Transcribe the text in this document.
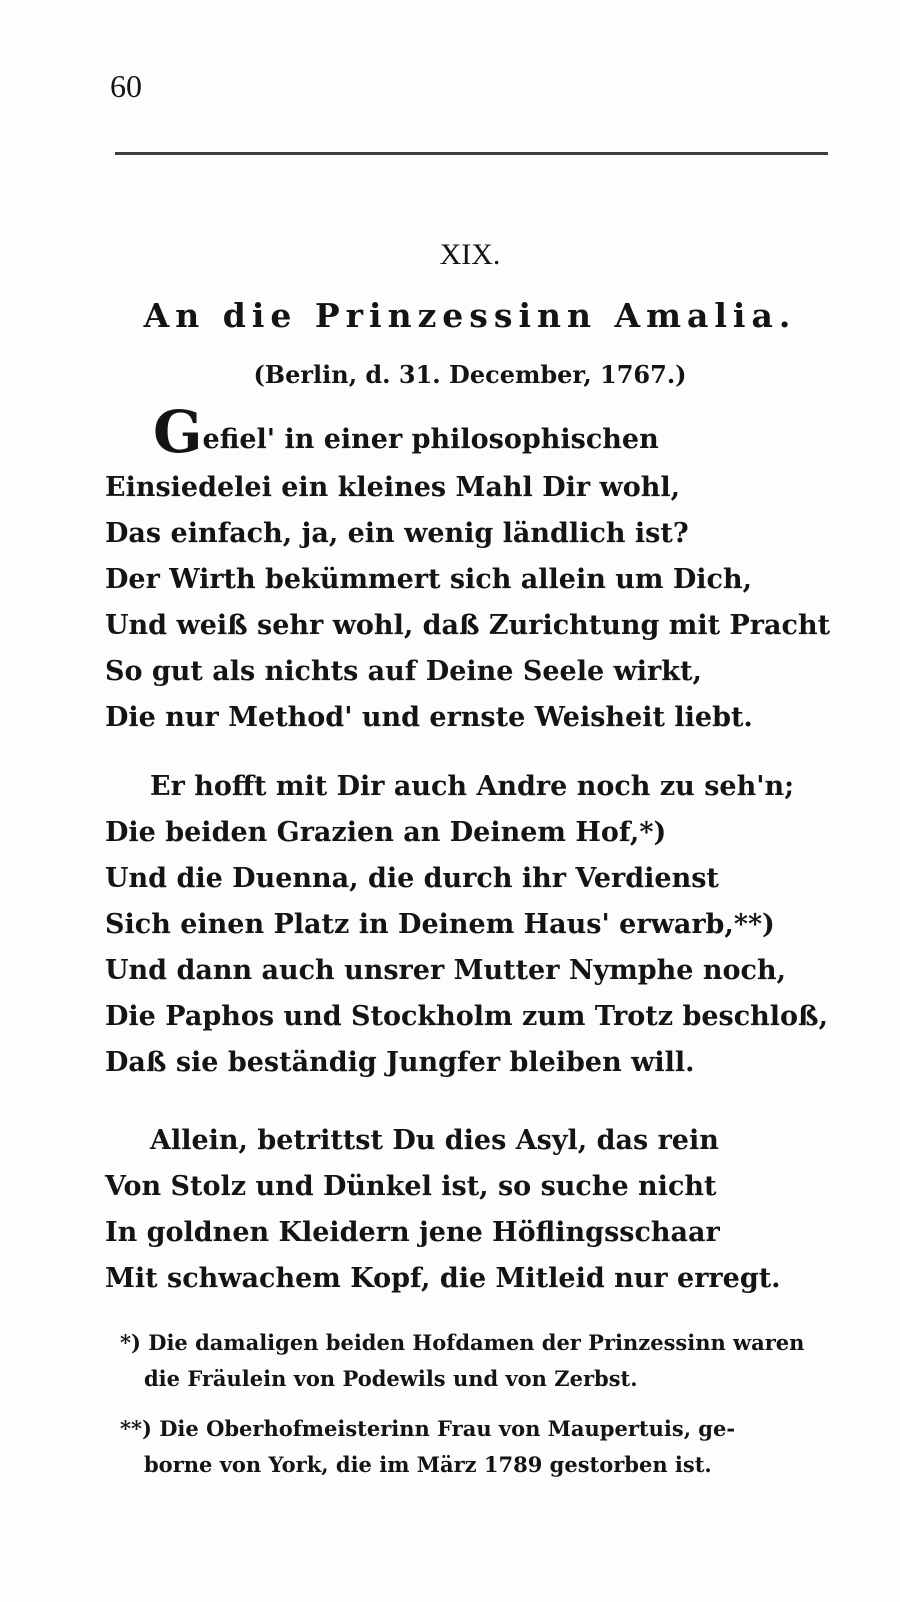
60
XIX.
An die Prinzessinn Amalia.
(Berlin, d. 31. December, 1767.)
Gefiel' in einer philosophischen
Einsiedelei ein kleines Mahl Dir wohl,
Das einfach, ja, ein wenig ländlich ist?
Der Wirth bekümmert sich allein um Dich,
Und weiß sehr wohl, daß Zurichtung mit Pracht
So gut als nichts auf Deine Seele wirkt,
Die nur Method' und ernste Weisheit liebt.
Er hofft mit Dir auch Andre noch zu seh'n;
Die beiden Grazien an Deinem Hof,*)
Und die Duenna, die durch ihr Verdienst
Sich einen Platz in Deinem Haus' erwarb,**)
Und dann auch unsrer Mutter Nymphe noch,
Die Paphos und Stockholm zum Trotz beschloß,
Daß sie beständig Jungfer bleiben will.
Allein, betrittst Du dies Asyl, das rein
Von Stolz und Dünkel ist, so suche nicht
In goldnen Kleidern jene Höflingsschaar
Mit schwachem Kopf, die Mitleid nur erregt.
*) Die damaligen beiden Hofdamen der Prinzessinn waren
die Fräulein von Podewils und von Zerbst.
**) Die Oberhofmeisterinn Frau von Maupertuis, ge-
borne von York, die im März 1789 gestorben ist.
